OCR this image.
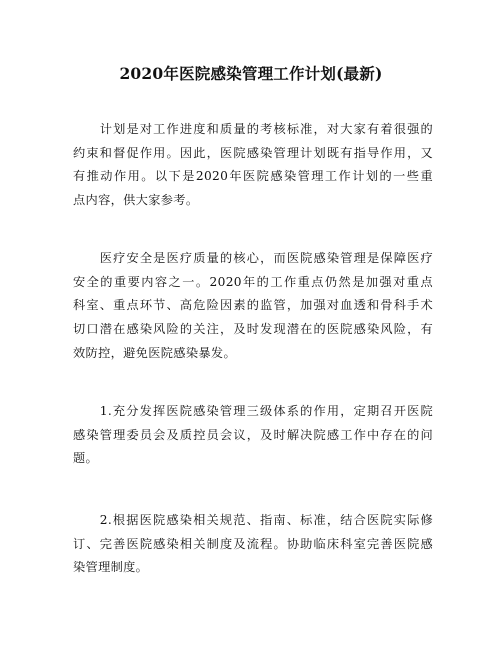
2020年医院感染管理工作计划(最新)
　　计划是对工作进度和质量的考核标准，对大家有着很强的
约束和督促作用。因此，医院感染管理计划既有指导作用，又
有推动作用。以下是2020年医院感染管理工作计划的一些重
点内容，供大家参考。
　　医疗安全是医疗质量的核心，而医院感染管理是保障医疗
安全的重要内容之一。2020年的工作重点仍然是加强对重点
科室、重点环节、高危险因素的监管，加强对血透和骨科手术
切口潜在感染风险的关注，及时发现潜在的医院感染风险，有
效防控，避免医院感染暴发。
　　1.充分发挥医院感染管理三级体系的作用，定期召开医院
感染管理委员会及质控员会议，及时解决院感工作中存在的问
题。
　　2.根据医院感染相关规范、指南、标准，结合医院实际修
订、完善医院感染相关制度及流程。协助临床科室完善医院感
染管理制度。
